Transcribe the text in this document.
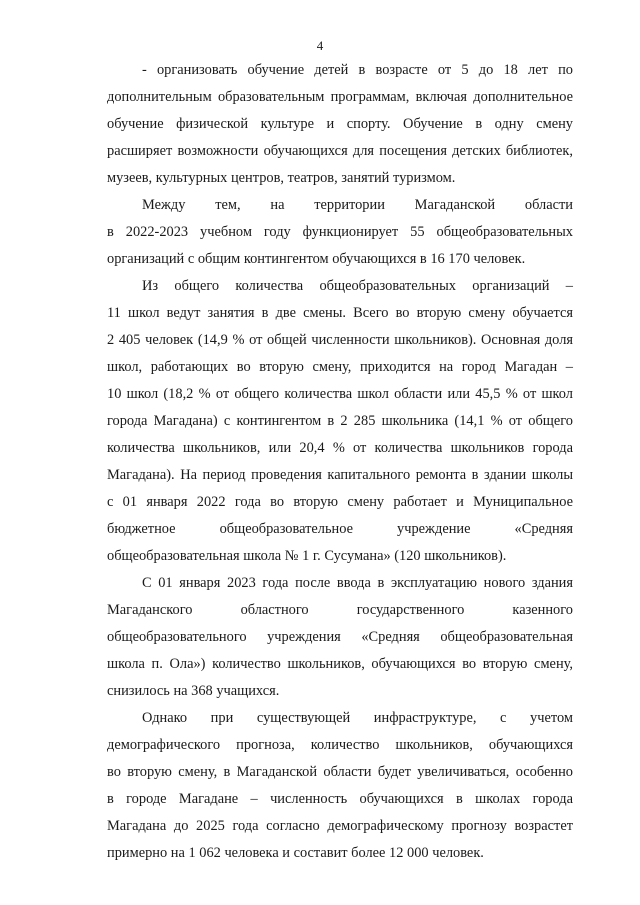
4
- организовать обучение детей в возрасте от 5 до 18 лет по
дополнительным образовательным программам, включая дополнительное
обучение физической культуре и спорту. Обучение в одну смену
расширяет возможности обучающихся для посещения детских библиотек,
музеев, культурных центров, театров, занятий туризмом.
Между тем, на территории Магаданской области
в 2022-2023 учебном году функционирует 55 общеобразовательных
организаций с общим контингентом обучающихся в 16 170 человек.
Из общего количества общеобразовательных организаций –
11 школ ведут занятия в две смены. Всего во вторую смену обучается
2 405 человек (14,9 % от общей численности школьников). Основная доля
школ, работающих во вторую смену, приходится на город Магадан –
10 школ (18,2 % от общего количества школ области или 45,5 % от школ
города Магадана) с контингентом в 2 285 школьника (14,1 % от общего
количества школьников, или 20,4 % от количества школьников города
Магадана). На период проведения капитального ремонта в здании школы
с 01 января 2022 года во вторую смену работает и Муниципальное
бюджетное общеобразовательное учреждение «Средняя
общеобразовательная школа № 1 г. Сусумана» (120 школьников).
С 01 января 2023 года после ввода в эксплуатацию нового здания
Магаданского областного государственного казенного
общеобразовательного учреждения «Средняя общеобразовательная
школа п. Ола») количество школьников, обучающихся во вторую смену,
снизилось на 368 учащихся.
Однако при существующей инфраструктуре, с учетом
демографического прогноза, количество школьников, обучающихся
во вторую смену, в Магаданской области будет увеличиваться, особенно
в городе Магадане – численность обучающихся в школах города
Магадана до 2025 года согласно демографическому прогнозу возрастет
примерно на 1 062 человека и составит более 12 000 человек.
